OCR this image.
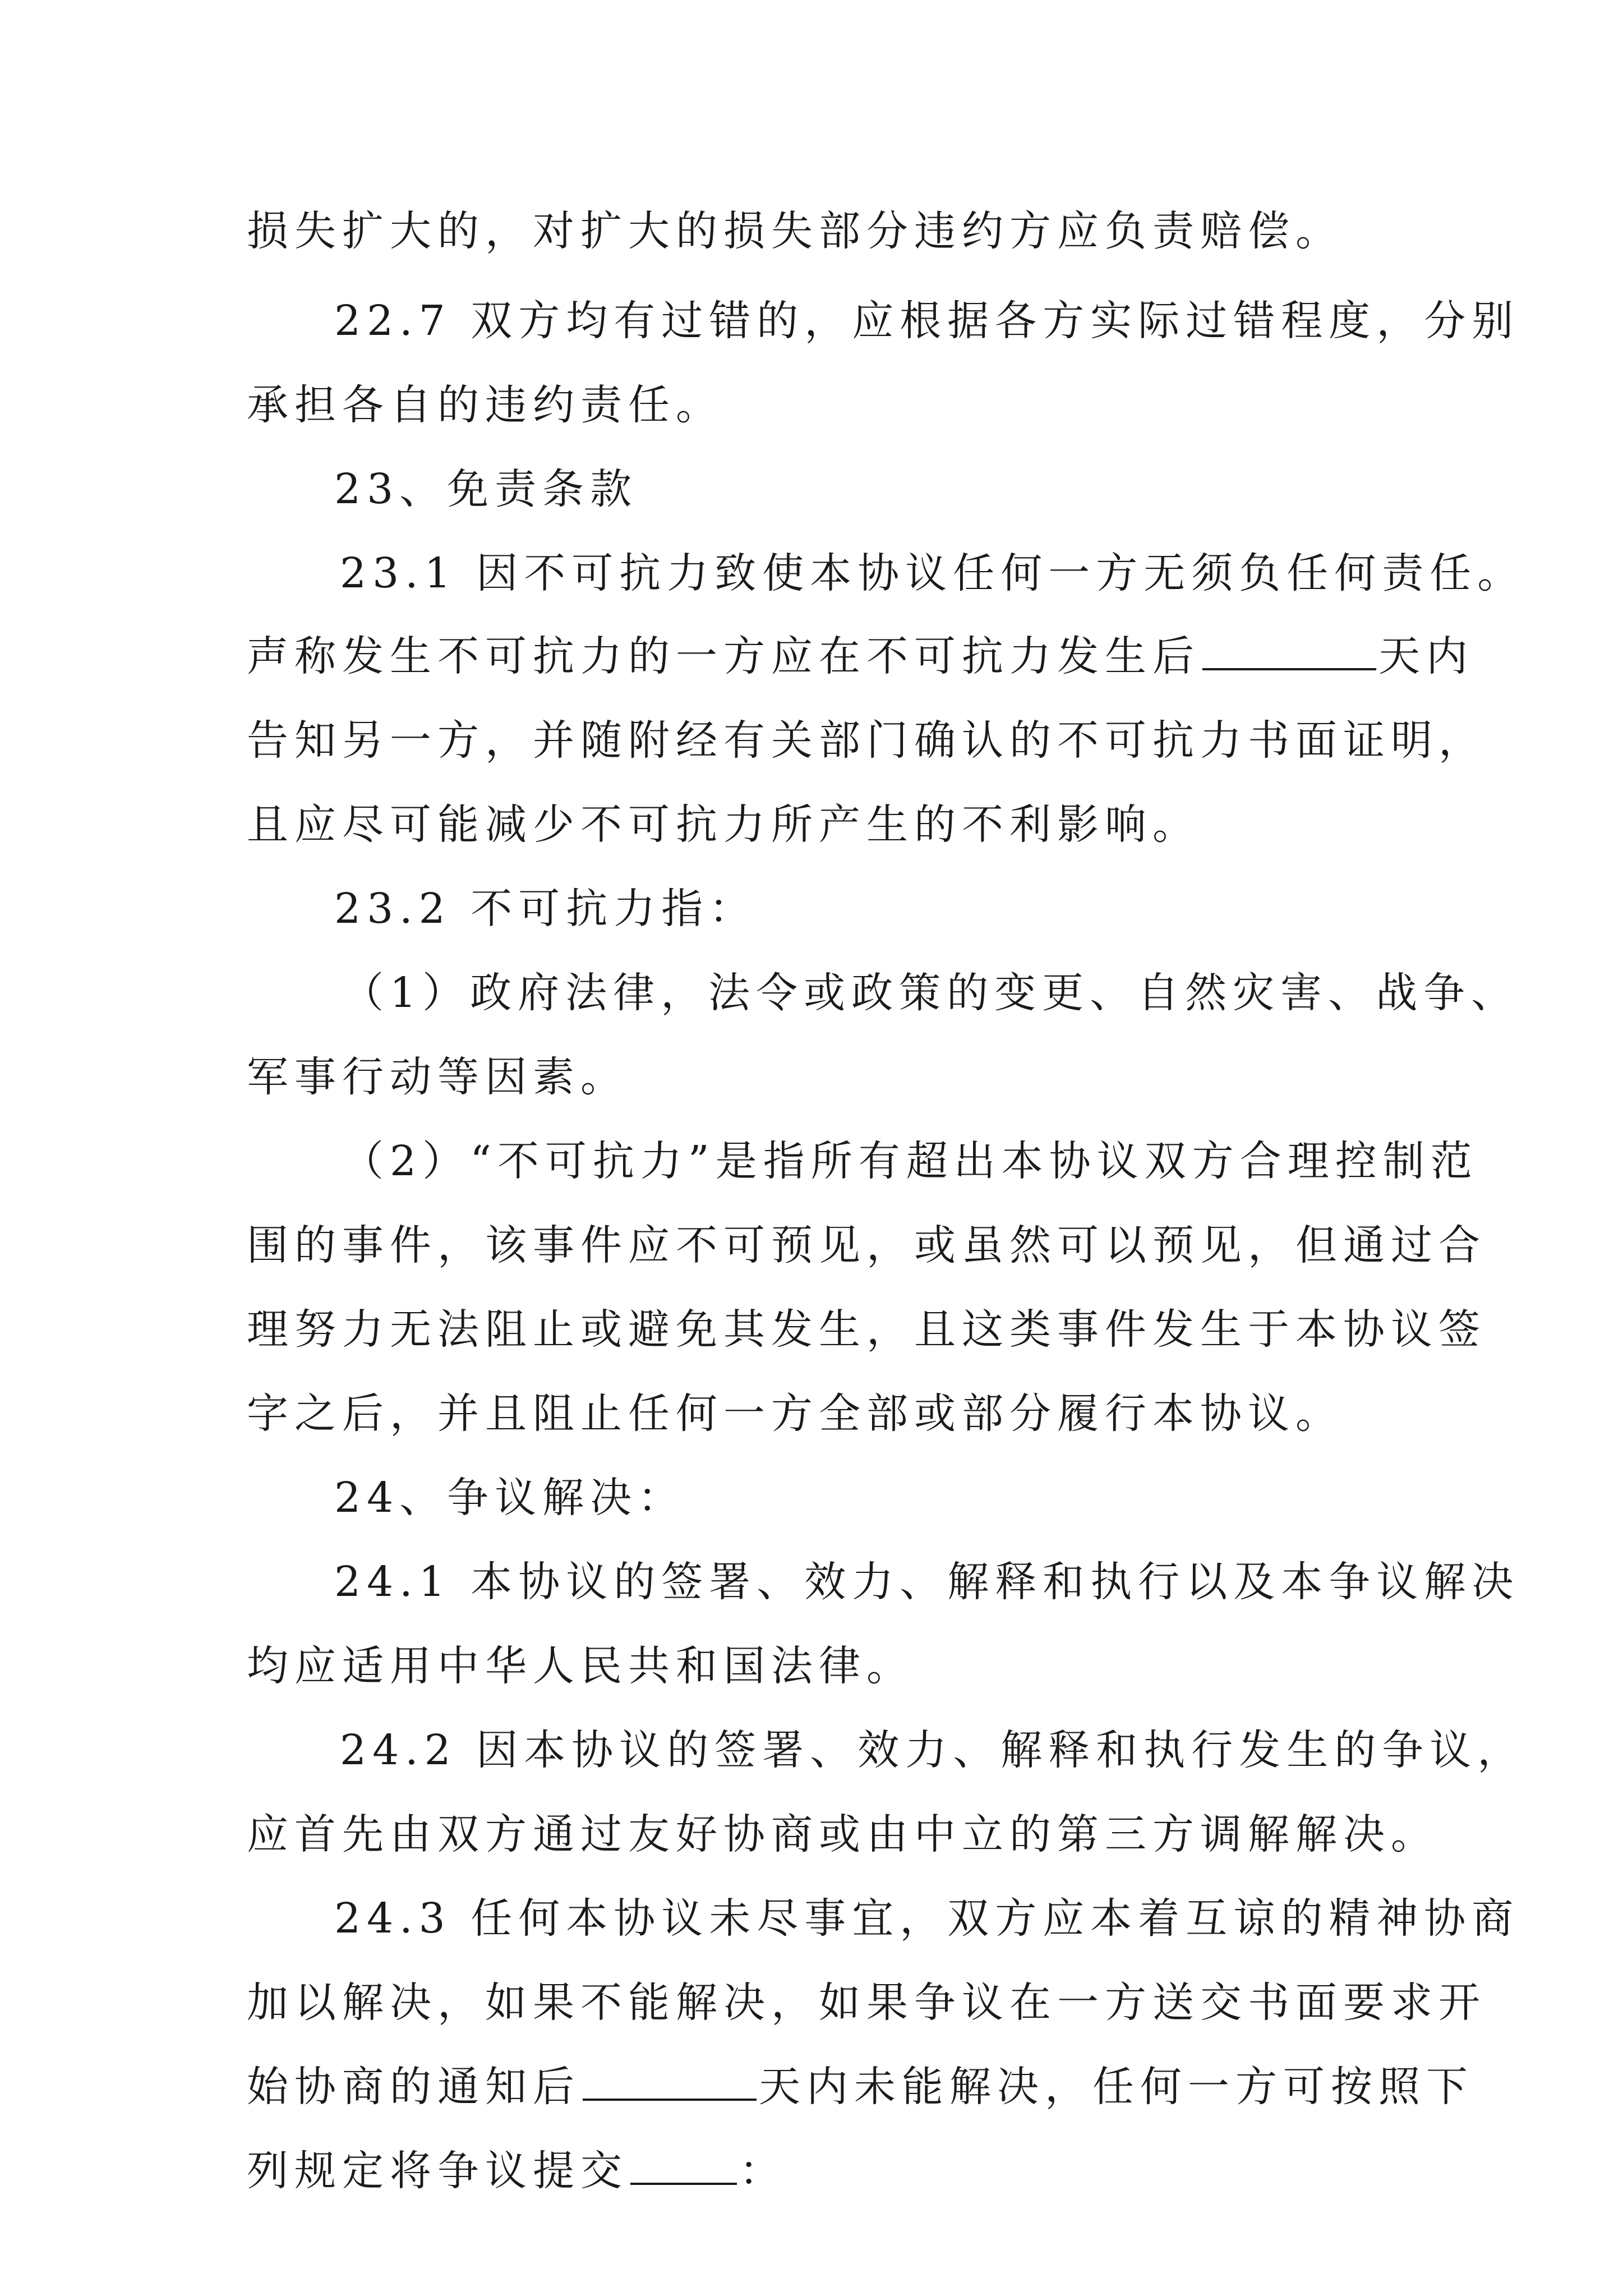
损失扩大的，对扩大的损失部分违约方应负责赔偿。

22.7 双方均有过错的，应根据各方实际过错程度，分别

承担各自的违约责任。

23、免责条款

23.1 因不可抗力致使本协议任何一方无须负任何责任。

声称发生不可抗力的一方应在不可抗力发生后	天内

告知另一方，并随附经有关部门确认的不可抗力书面证明，

且应尽可能减少不可抗力所产生的不利影响。

23.2 不可抗力指：

（1）政府法律，法令或政策的变更、自然灾害、战争、

军事行动等因素。

（2）“不可抗力”是指所有超出本协议双方合理控制范

围的事件，该事件应不可预见，或虽然可以预见，但通过合

理努力无法阻止或避免其发生，且这类事件发生于本协议签

字之后，并且阻止任何一方全部或部分履行本协议。

24、争议解决：

24.1 本协议的签署、效力、解释和执行以及本争议解决

均应适用中华人民共和国法律。

24.2 因本协议的签署、效力、解释和执行发生的争议，

应首先由双方通过友好协商或由中立的第三方调解解决。

24.3 任何本协议未尽事宜，双方应本着互谅的精神协商

加以解决，如果不能解决，如果争议在一方送交书面要求开

始协商的通知后	天内未能解决，任何一方可按照下

列规定将争议提交	：
